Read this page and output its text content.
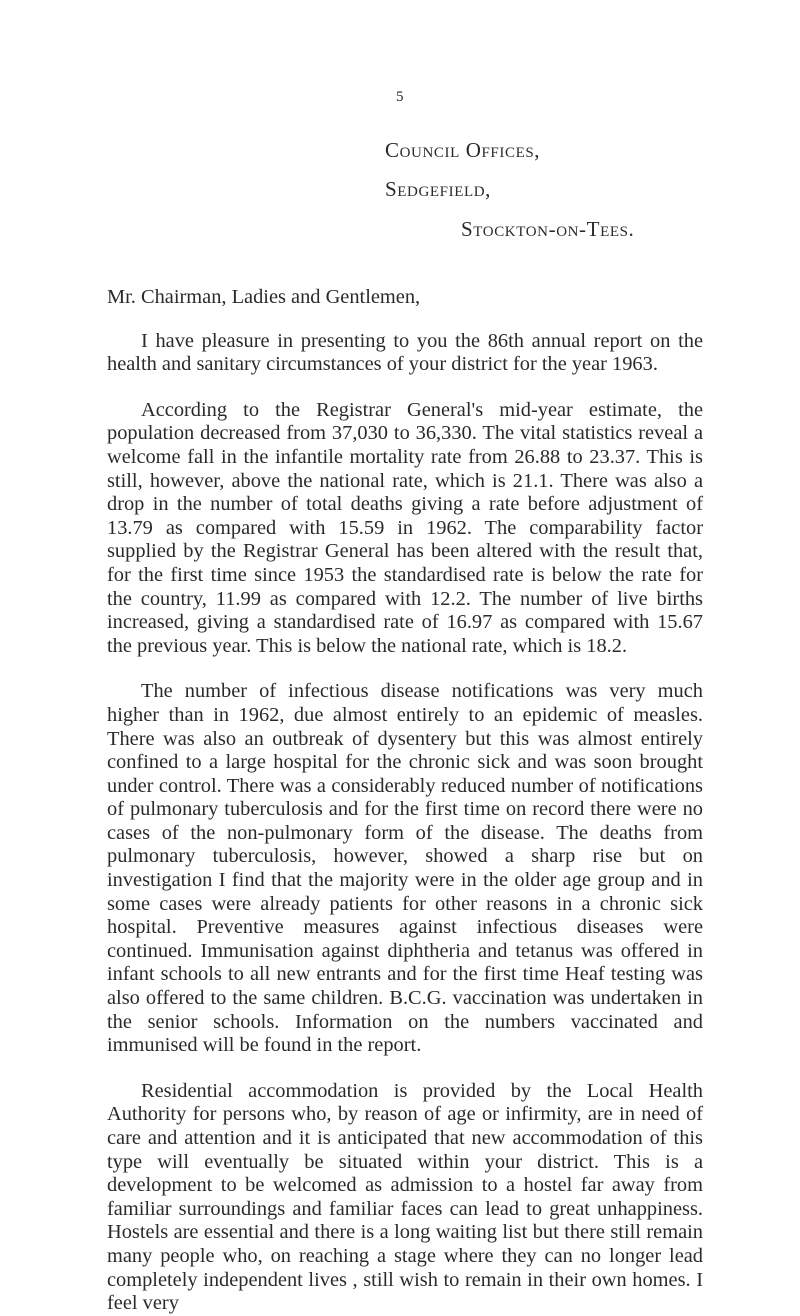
5
Council Offices,
Sedgefield,
Stockton-on-Tees.

Mr. Chairman, Ladies and Gentlemen,

I have pleasure in presenting to you the 86th annual report on the health and sanitary circumstances of your district for the year 1963.

According to the Registrar General's mid-year estimate, the population decreased from 37,030 to 36,330. The vital statistics reveal a welcome fall in the infantile mortality rate from 26.88 to 23.37. This is still, however, above the national rate, which is 21.1. There was also a drop in the number of total deaths giving a rate before adjustment of 13.79 as compared with 15.59 in 1962. The comparability factor supplied by the Registrar General has been altered with the result that, for the first time since 1953 the standardised rate is below the rate for the country, 11.99 as compared with 12.2. The number of live births increased, giving a standardised rate of 16.97 as compared with 15.67 the previous year. This is below the national rate, which is 18.2.

The number of infectious disease notifications was very much higher than in 1962, due almost entirely to an epidemic of measles. There was also an outbreak of dysentery but this was almost entirely confined to a large hospital for the chronic sick and was soon brought under control. There was a considerably reduced number of notifications of pulmonary tuberculosis and for the first time on record there were no cases of the non-pulmonary form of the disease. The deaths from pulmonary tuberculosis, however, showed a sharp rise but on investigation I find that the majority were in the older age group and in some cases were already patients for other reasons in a chronic sick hospital. Preventive measures against infectious diseases were continued. Immunisation against diphtheria and tetanus was offered in infant schools to all new entrants and for the first time Heaf testing was also offered to the same children. B.C.G. vaccination was undertaken in the senior schools. Information on the numbers vaccinated and immunised will be found in the report.

Residential accommodation is provided by the Local Health Authority for persons who, by reason of age or infirmity, are in need of care and attention and it is anticipated that new accommodation of this type will eventually be situated within your district. This is a development to be welcomed as admission to a hostel far away from familiar surroundings and familiar faces can lead to great unhappiness. Hostels are essential and there is a long waiting list but there still remain many people who, on reaching a stage where they can no longer lead completely independent lives , still wish to remain in their own homes. I feel very
